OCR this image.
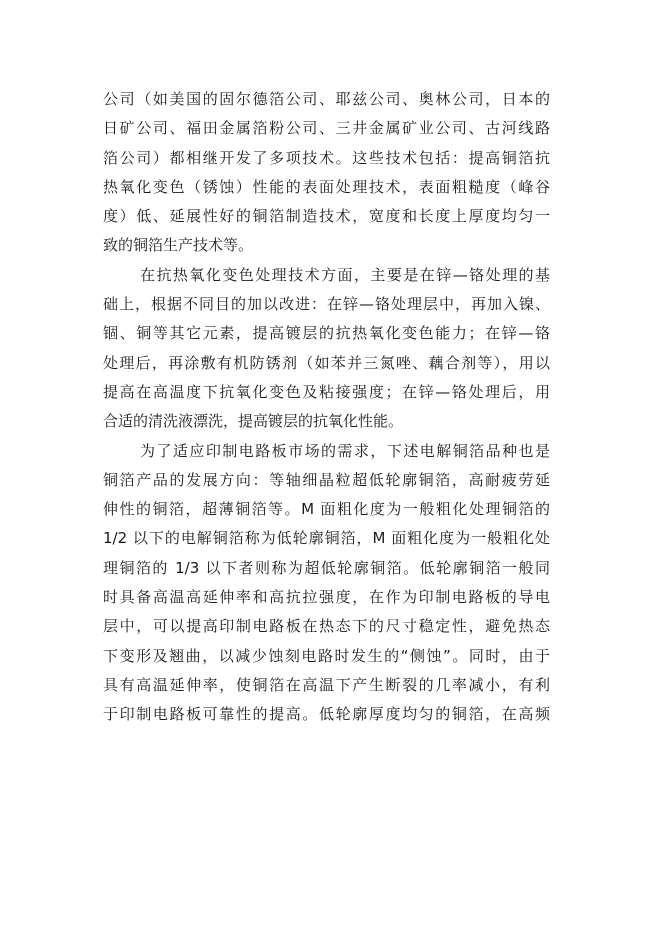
公司（如美国的固尔德箔公司、耶兹公司、奥林公司，日本的
日矿公司、福田金属箔粉公司、三井金属矿业公司、古河线路
箔公司）都相继开发了多项技术。这些技术包括：提高铜箔抗
热氧化变色（锈蚀）性能的表面处理技术，表面粗糙度（峰谷
度）低、延展性好的铜箔制造技术，宽度和长度上厚度均匀一
致的铜箔生产技术等。
在抗热氧化变色处理技术方面，主要是在锌—铬处理的基
础上，根据不同目的加以改进：在锌—铬处理层中，再加入镍、
锢、铜等其它元素，提高镀层的抗热氧化变色能力；在锌—铬
处理后，再涂敷有机防锈剂（如苯并三氮唑、藕合剂等），用以
提高在高温度下抗氧化变色及粘接强度；在锌—铬处理后，用
合适的清洗液漂洗，提高镀层的抗氧化性能。
为了适应印制电路板市场的需求，下述电解铜箔品种也是
铜箔产品的发展方向：等轴细晶粒超低轮廓铜箔，高耐疲劳延
伸性的铜箔，超薄铜箔等。M 面粗化度为一般粗化处理铜箔的
1/2 以下的电解铜箔称为低轮廓铜箔，M 面粗化度为一般粗化处
理铜箔的 1/3 以下者则称为超低轮廓铜箔。低轮廓铜箔一般同
时具备高温高延伸率和高抗拉强度，在作为印制电路板的导电
层中，可以提高印制电路板在热态下的尺寸稳定性，避免热态
下变形及翘曲，以减少蚀刻电路时发生的“侧蚀”。同时，由于
具有高温延伸率，使铜箔在高温下产生断裂的几率减小，有利
于印制电路板可靠性的提高。低轮廓厚度均匀的铜箔，在高频
